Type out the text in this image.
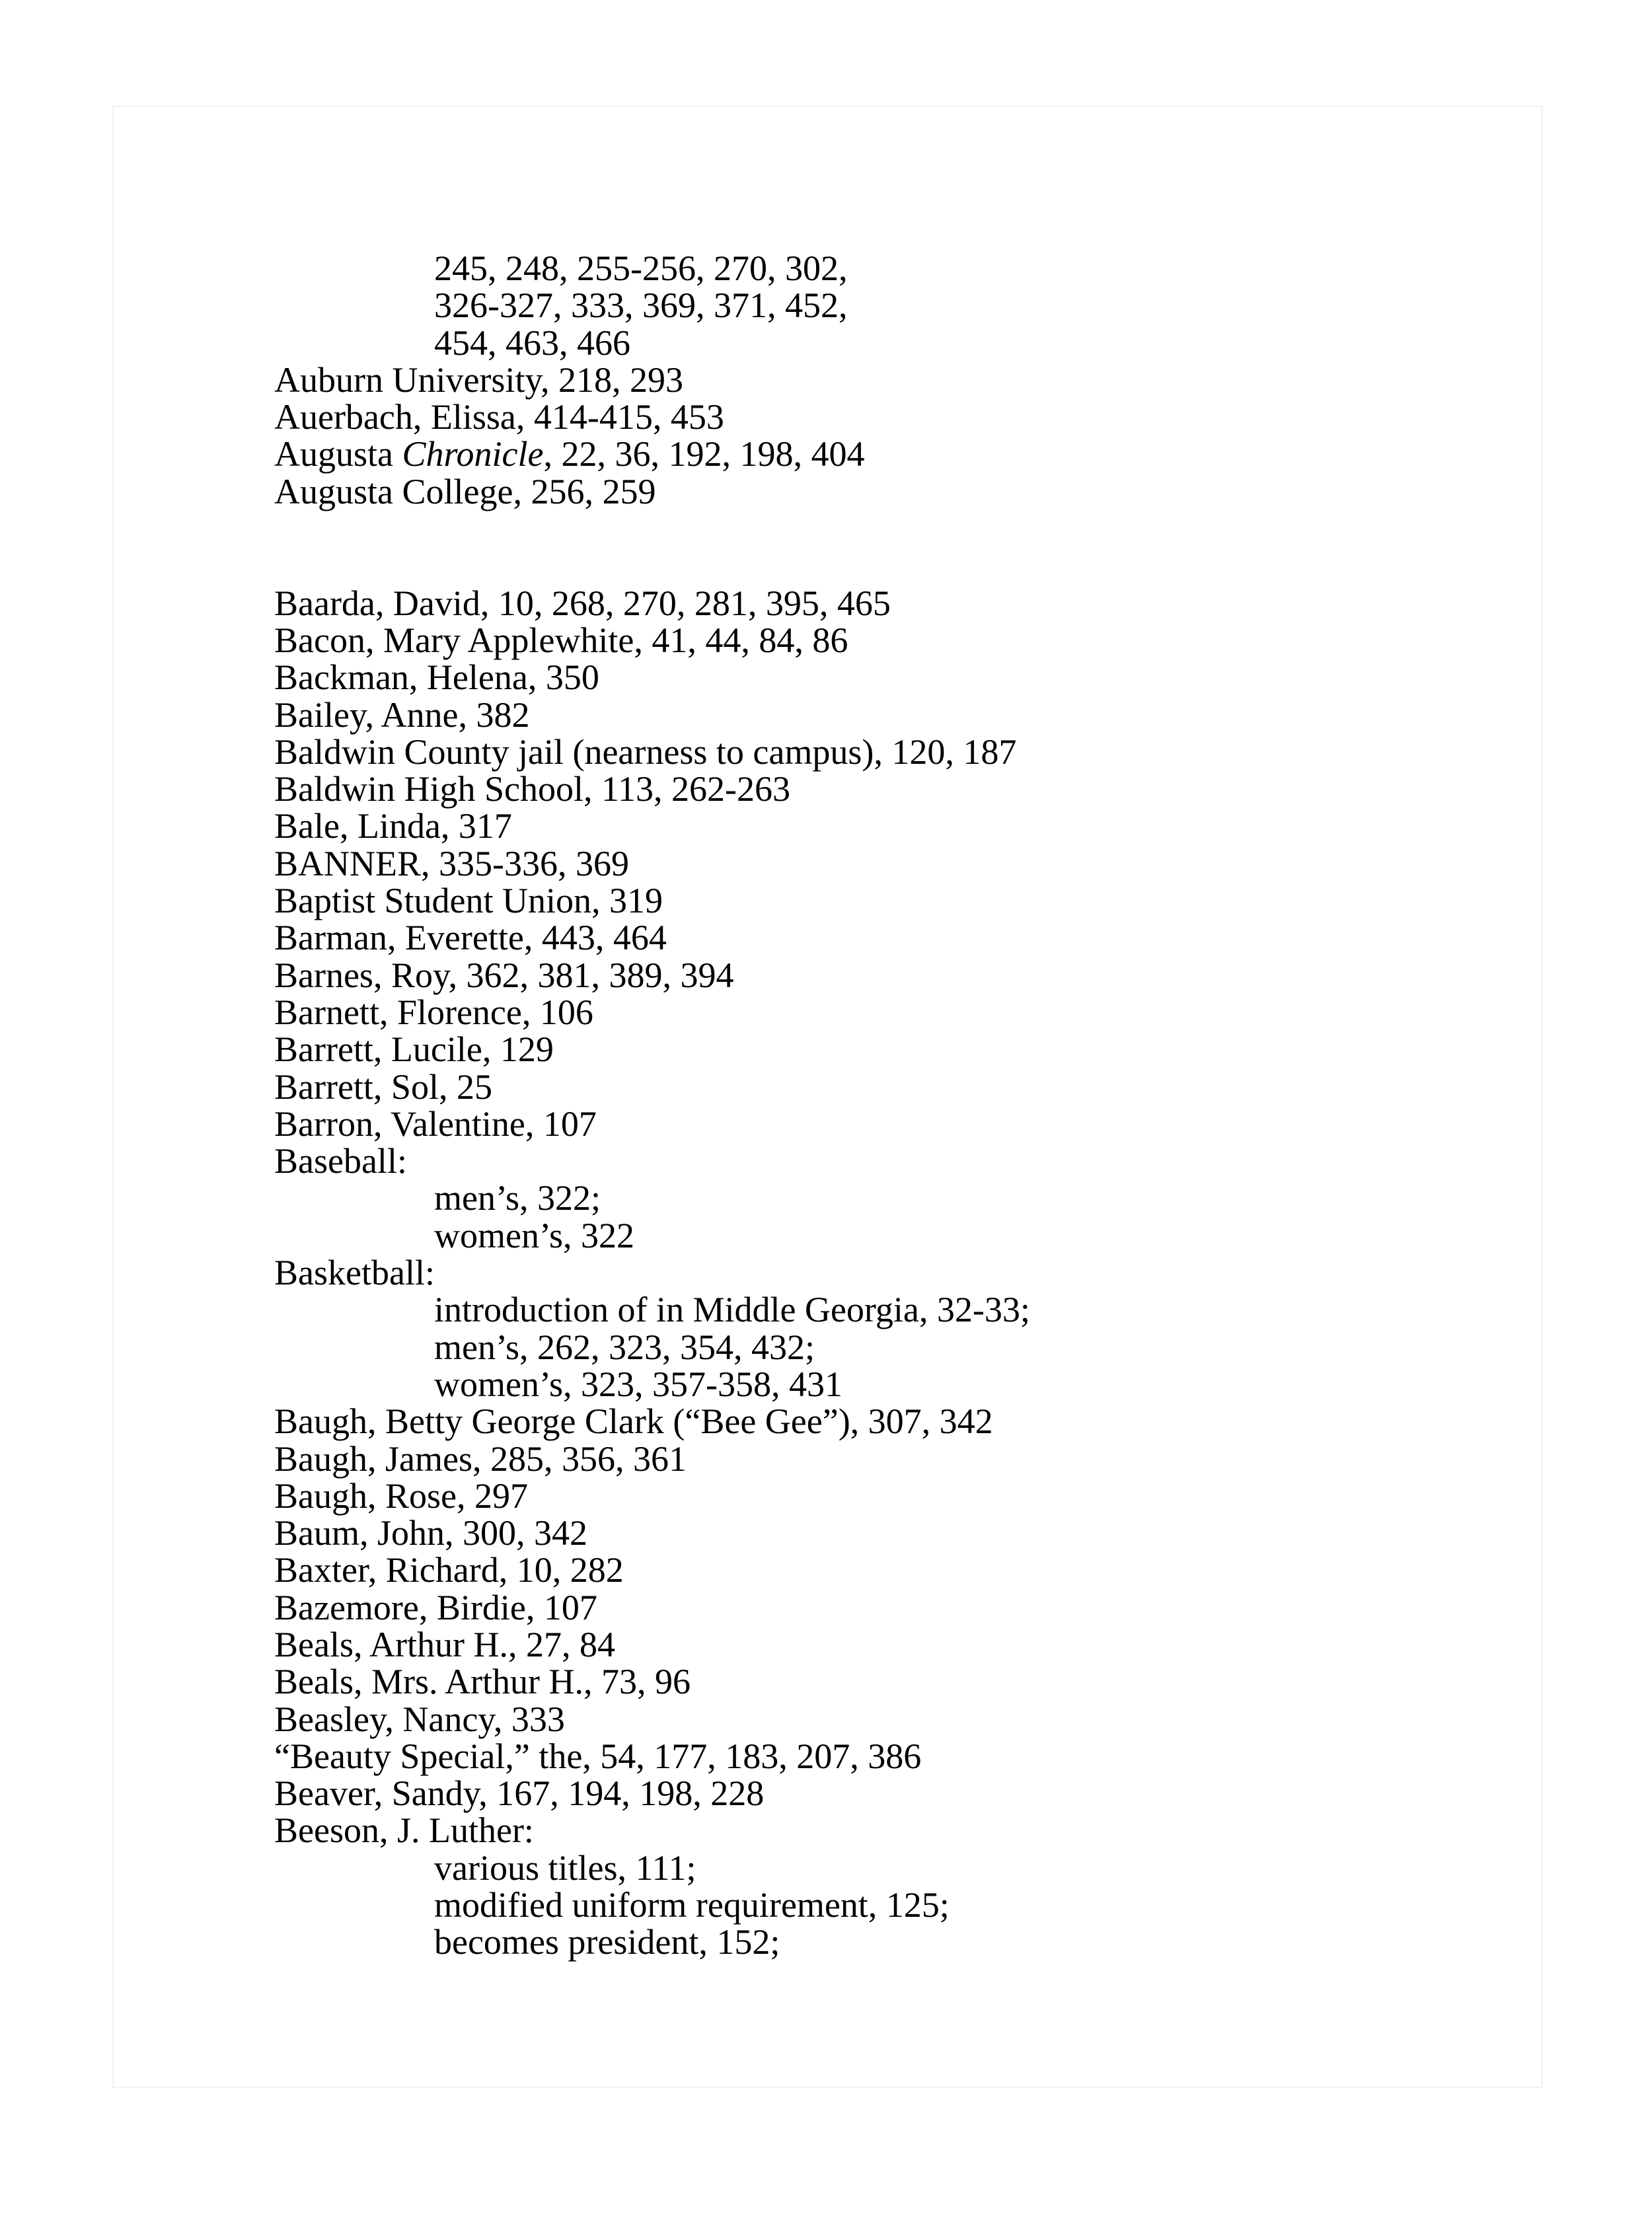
245, 248, 255-256, 270, 302,
326-327, 333, 369, 371, 452,
454, 463, 466
Auburn University, 218, 293
Auerbach, Elissa, 414-415, 453
Augusta Chronicle, 22, 36, 192, 198, 404
Augusta College, 256, 259
Baarda, David, 10, 268, 270, 281, 395, 465
Bacon, Mary Applewhite, 41, 44, 84, 86
Backman, Helena, 350
Bailey, Anne, 382
Baldwin County jail (nearness to campus), 120, 187
Baldwin High School, 113, 262-263
Bale, Linda, 317
BANNER, 335-336, 369
Baptist Student Union, 319
Barman, Everette, 443, 464
Barnes, Roy, 362, 381, 389, 394
Barnett, Florence, 106
Barrett, Lucile, 129
Barrett, Sol, 25
Barron, Valentine, 107
Baseball:
men’s, 322;
women’s, 322
Basketball:
introduction of in Middle Georgia, 32-33;
men’s, 262, 323, 354, 432;
women’s, 323, 357-358, 431
Baugh, Betty George Clark (“Bee Gee”), 307, 342
Baugh, James, 285, 356, 361
Baugh, Rose, 297
Baum, John, 300, 342
Baxter, Richard, 10, 282
Bazemore, Birdie, 107
Beals, Arthur H., 27, 84
Beals, Mrs. Arthur H., 73, 96
Beasley, Nancy, 333
“Beauty Special,” the, 54, 177, 183, 207, 386
Beaver, Sandy, 167, 194, 198, 228
Beeson, J. Luther:
various titles, 111;
modified uniform requirement, 125;
becomes president, 152;
